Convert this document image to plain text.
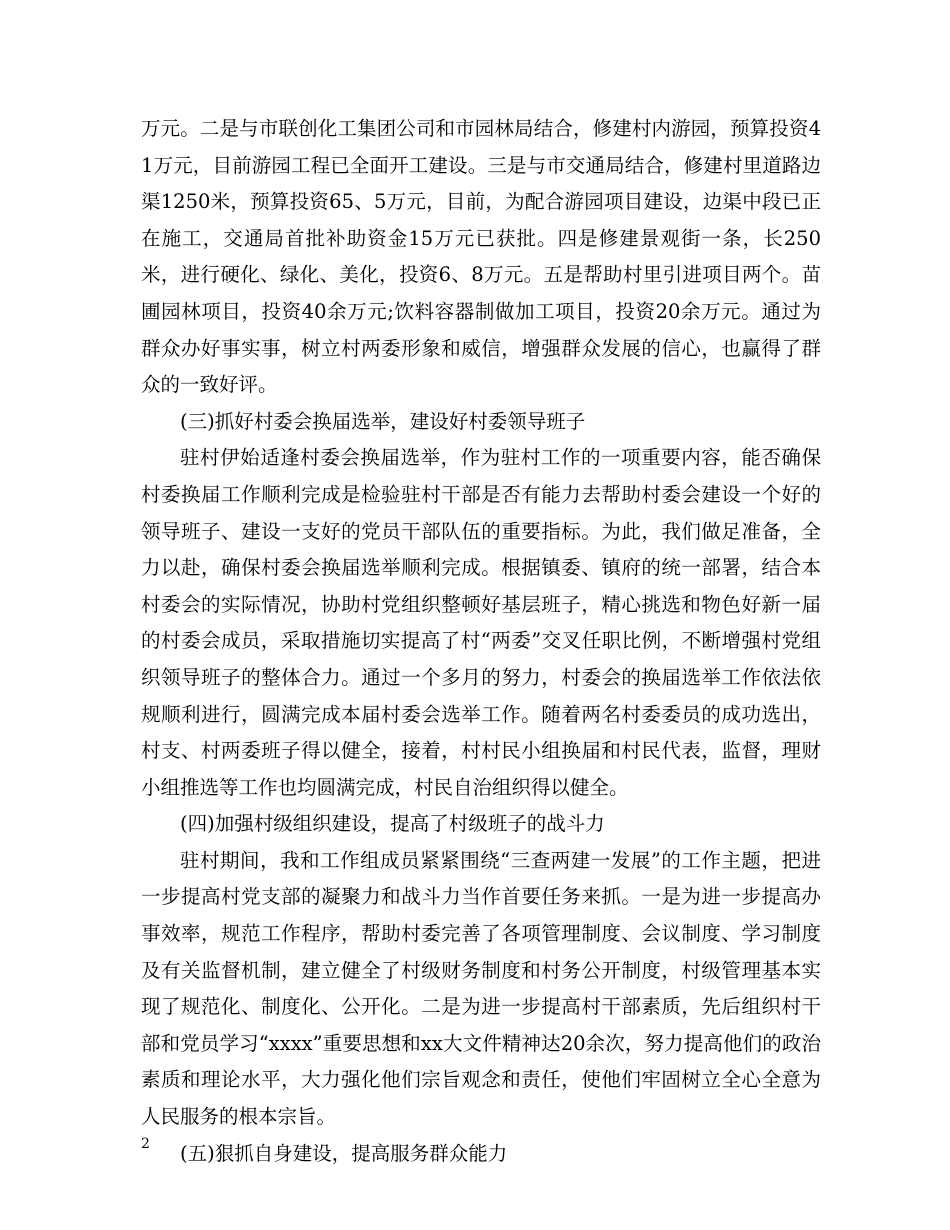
万元。二是与市联创化工集团公司和市园林局结合，修建村内游园，预算投资41万元，目前游园工程已全面开工建设。三是与市交通局结合，修建村里道路边渠1250米，预算投资65、5万元，目前，为配合游园项目建设，边渠中段已正在施工，交通局首批补助资金15万元已获批。四是修建景观街一条，长250米，进行硬化、绿化、美化，投资6、8万元。五是帮助村里引进项目两个。苗圃园林项目，投资40余万元;饮料容器制做加工项目，投资20余万元。通过为群众办好事实事，树立村两委形象和威信，增强群众发展的信心，也赢得了群众的一致好评。

(三)抓好村委会换届选举，建设好村委领导班子

驻村伊始适逢村委会换届选举，作为驻村工作的一项重要内容，能否确保村委换届工作顺利完成是检验驻村干部是否有能力去帮助村委会建设一个好的领导班子、建设一支好的党员干部队伍的重要指标。为此，我们做足准备，全力以赴，确保村委会换届选举顺利完成。根据镇委、镇府的统一部署，结合本村委会的实际情况，协助村党组织整顿好基层班子，精心挑选和物色好新一届的村委会成员，采取措施切实提高了村“两委”交叉任职比例，不断增强村党组织领导班子的整体合力。通过一个多月的努力，村委会的换届选举工作依法依规顺利进行，圆满完成本届村委会选举工作。随着两名村委委员的成功选出，村支、村两委班子得以健全，接着，村村民小组换届和村民代表，监督，理财小组推选等工作也均圆满完成，村民自治组织得以健全。

(四)加强村级组织建设，提高了村级班子的战斗力

驻村期间，我和工作组成员紧紧围绕“三查两建一发展”的工作主题，把进一步提高村党支部的凝聚力和战斗力当作首要任务来抓。一是为进一步提高办事效率，规范工作程序，帮助村委完善了各项管理制度、会议制度、学习制度及有关监督机制，建立健全了村级财务制度和村务公开制度，村级管理基本实现了规范化、制度化、公开化。二是为进一步提高村干部素质，先后组织村干部和党员学习“xxxx”重要思想和xx大文件精神达20余次，努力提高他们的政治素质和理论水平，大力强化他们宗旨观念和责任，使他们牢固树立全心全意为人民服务的根本宗旨。

(五)狠抓自身建设，提高服务群众能力

2
